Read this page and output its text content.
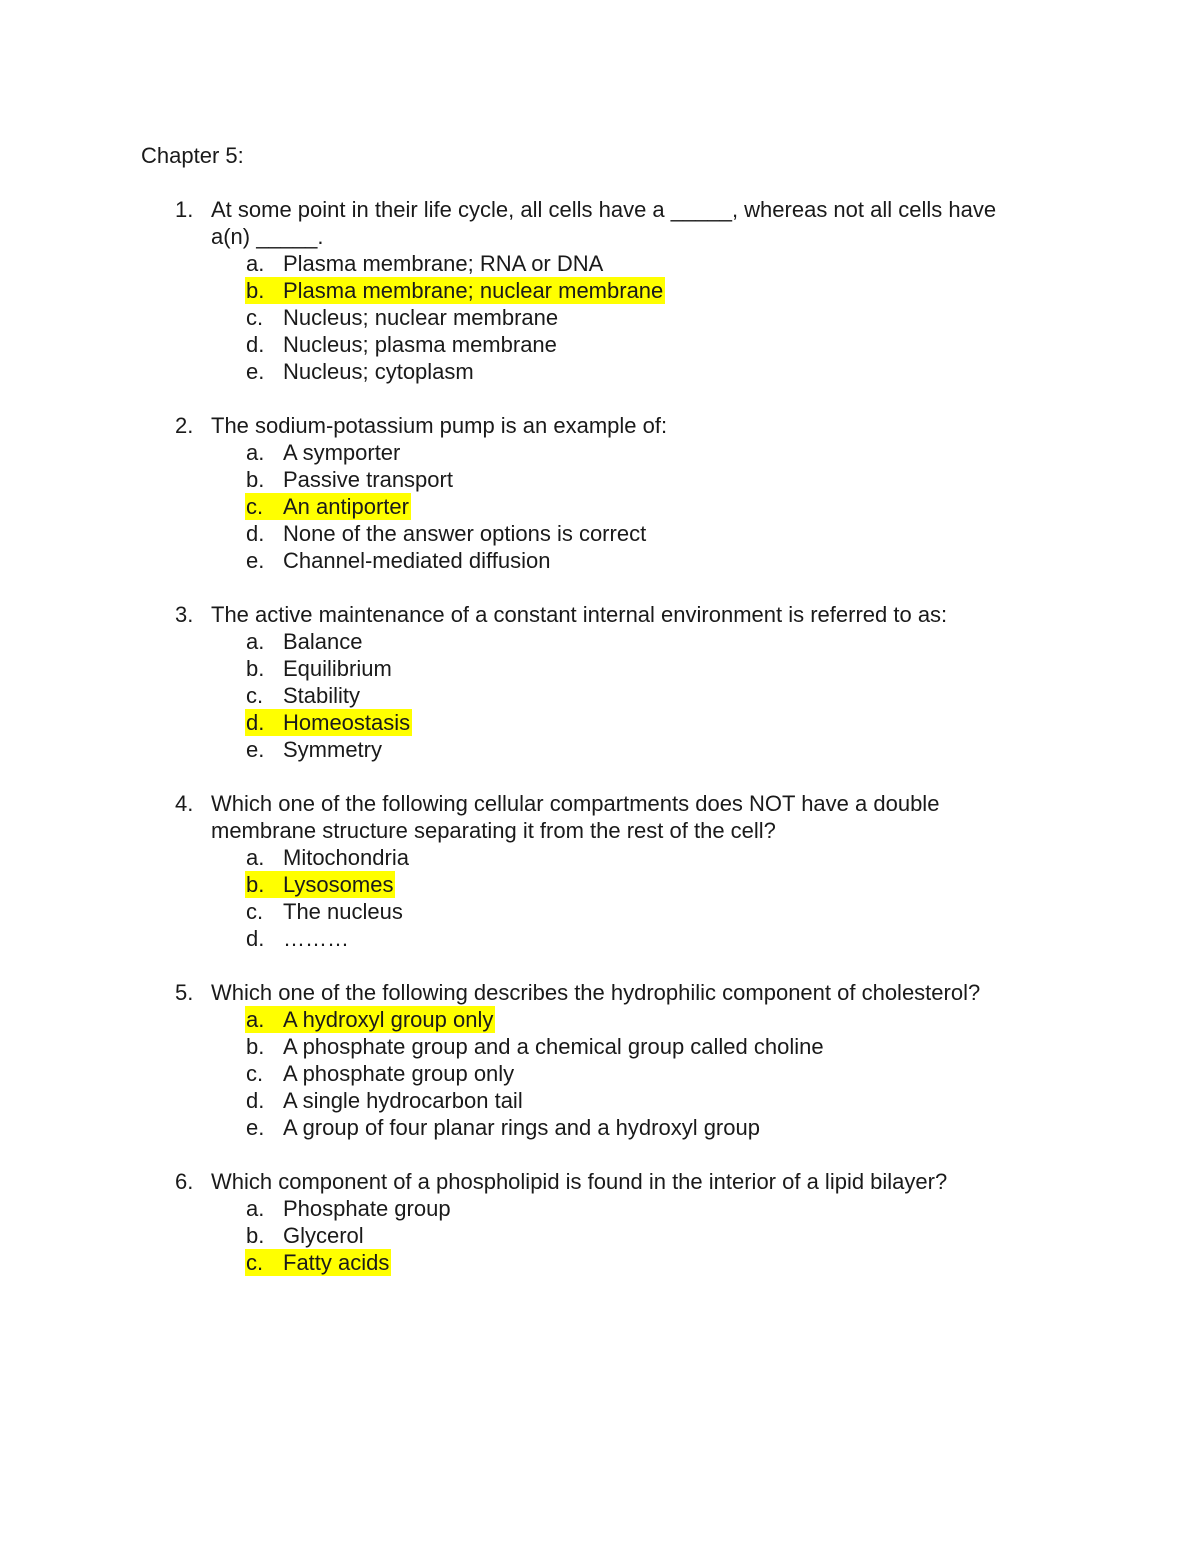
Chapter 5:
1. At some point in their life cycle, all cells have a _____, whereas not all cells have
a(n) _____.
a. Plasma membrane; RNA or DNA
b. Plasma membrane; nuclear membrane
c. Nucleus; nuclear membrane
d. Nucleus; plasma membrane
e. Nucleus; cytoplasm
2. The sodium-potassium pump is an example of:
a. A symporter
b. Passive transport
c. An antiporter
d. None of the answer options is correct
e. Channel-mediated diffusion
3. The active maintenance of a constant internal environment is referred to as:
a. Balance
b. Equilibrium
c. Stability
d. Homeostasis
e. Symmetry
4. Which one of the following cellular compartments does NOT have a double
membrane structure separating it from the rest of the cell?
a. Mitochondria
b. Lysosomes
c. The nucleus
d. ………
5. Which one of the following describes the hydrophilic component of cholesterol?
a. A hydroxyl group only
b. A phosphate group and a chemical group called choline
c. A phosphate group only
d. A single hydrocarbon tail
e. A group of four planar rings and a hydroxyl group
6. Which component of a phospholipid is found in the interior of a lipid bilayer?
a. Phosphate group
b. Glycerol
c. Fatty acids
